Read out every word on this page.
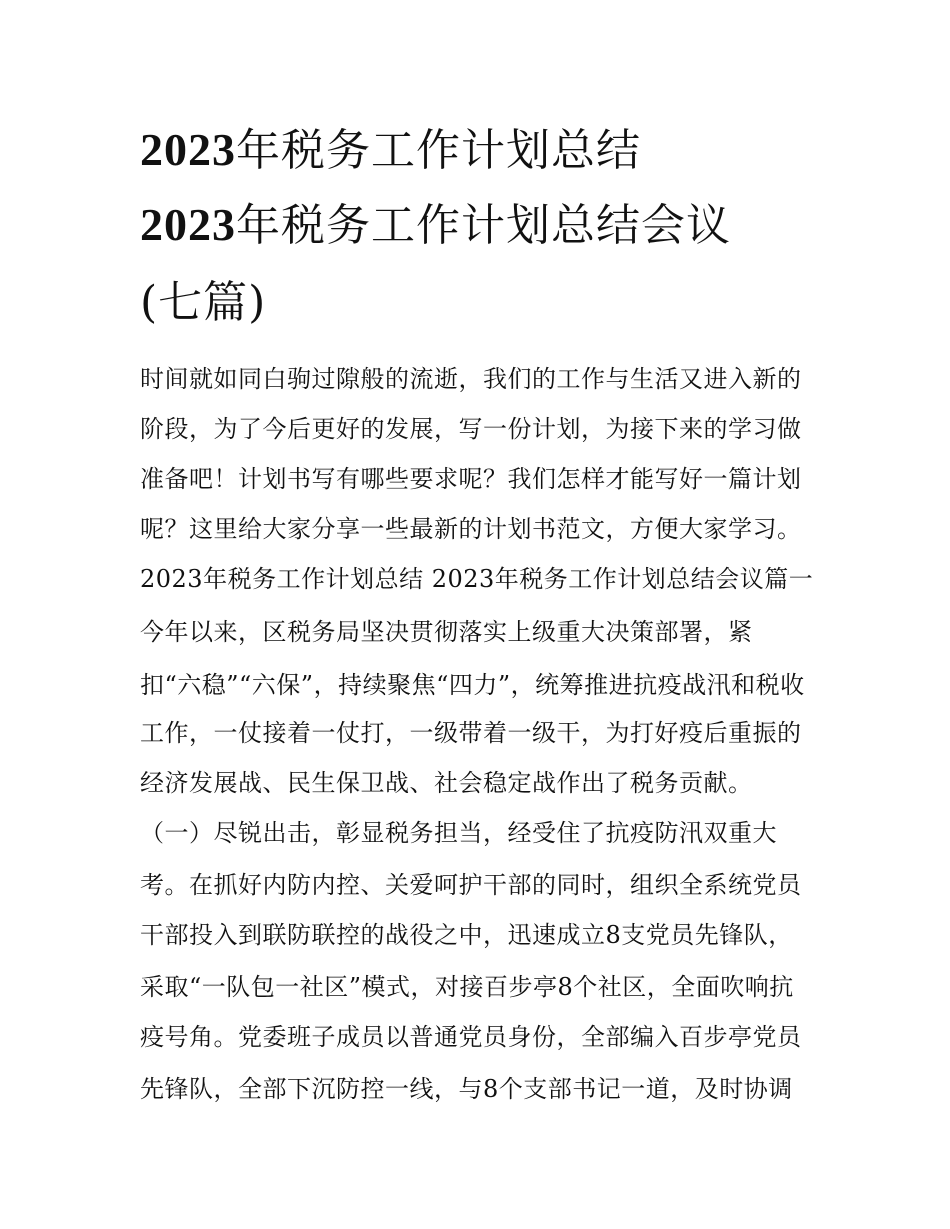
2023年税务工作计划总结
2023年税务工作计划总结会议
(七篇)
时间就如同白驹过隙般的流逝，我们的工作与生活又进入新的
阶段，为了今后更好的发展，写一份计划，为接下来的学习做
准备吧！计划书写有哪些要求呢？我们怎样才能写好一篇计划
呢？这里给大家分享一些最新的计划书范文，方便大家学习。
2023年税务工作计划总结 2023年税务工作计划总结会议篇一
今年以来，区税务局坚决贯彻落实上级重大决策部署，紧
扣“六稳”“六保”，持续聚焦“四力”，统筹推进抗疫战汛和税收
工作，一仗接着一仗打，一级带着一级干，为打好疫后重振的
经济发展战、民生保卫战、社会稳定战作出了税务贡献。
（一）尽锐出击，彰显税务担当，经受住了抗疫防汛双重大
考。在抓好内防内控、关爱呵护干部的同时，组织全系统党员
干部投入到联防联控的战役之中，迅速成立8支党员先锋队，
采取“一队包一社区”模式，对接百步亭8个社区，全面吹响抗
疫号角。党委班子成员以普通党员身份，全部编入百步亭党员
先锋队，全部下沉防控一线，与8个支部书记一道，及时协调
